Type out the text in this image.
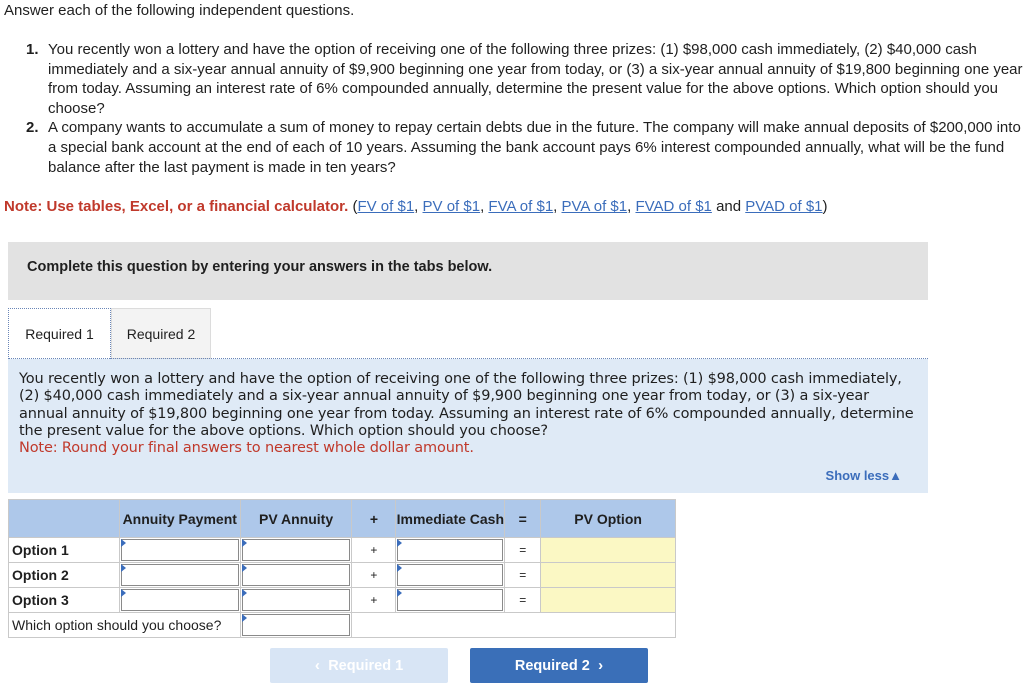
Answer each of the following independent questions.
1. You recently won a lottery and have the option of receiving one of the following three prizes: (1) $98,000 cash immediately, (2) $40,000 cash immediately and a six-year annual annuity of $9,900 beginning one year from today, or (3) a six-year annual annuity of $19,800 beginning one year from today. Assuming an interest rate of 6% compounded annually, determine the present value for the above options. Which option should you choose?
2. A company wants to accumulate a sum of money to repay certain debts due in the future. The company will make annual deposits of $200,000 into a special bank account at the end of each of 10 years. Assuming the bank account pays 6% interest compounded annually, what will be the fund balance after the last payment is made in ten years?
Note: Use tables, Excel, or a financial calculator. (FV of $1, PV of $1, FVA of $1, PVA of $1, FVAD of $1 and PVAD of $1)
Complete this question by entering your answers in the tabs below.
Required 1	Required 2
You recently won a lottery and have the option of receiving one of the following three prizes: (1) $98,000 cash immediately, (2) $40,000 cash immediately and a six-year annual annuity of $9,900 beginning one year from today, or (3) a six-year annual annuity of $19,800 beginning one year from today. Assuming an interest rate of 6% compounded annually, determine the present value for the above options. Which option should you choose?
Note: Round your final answers to nearest whole dollar amount.
Show less▲
	Annuity Payment	PV Annuity	+	Immediate Cash	=	PV Option
Option 1			+		=	
Option 2			+		=	
Option 3			+		=	
Which option should you choose?					

‹ Required 1	Required 2 ›
